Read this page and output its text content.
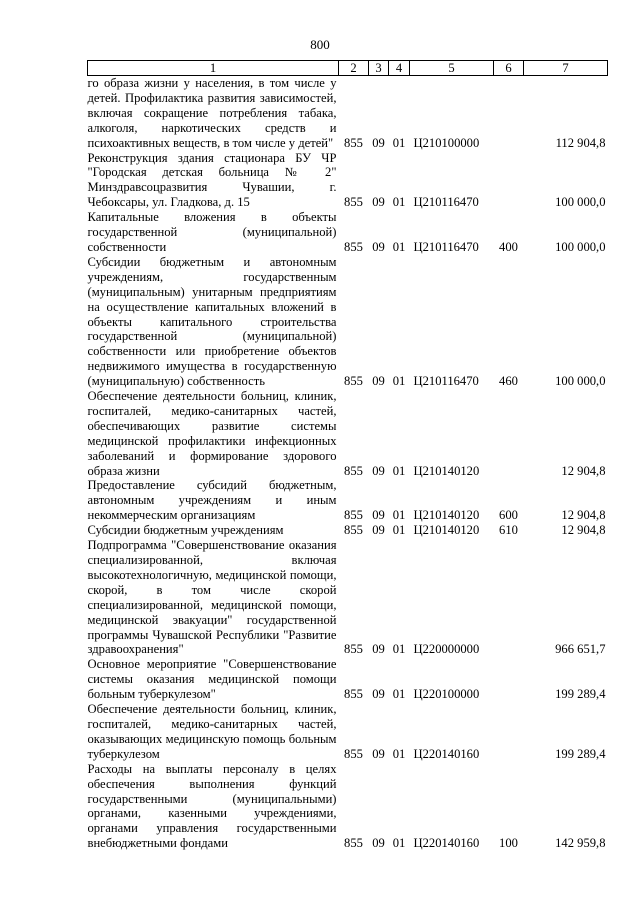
800
1	2	3	4	5	6	7
го образа жизни у населения, в том числе у детей. Профилактика развития зависимостей, включая сокращение потребления табака, алкоголя, наркотических средств и психоактивных веществ, в том числе у детей"	855	09	01	Ц210100000		112 904,8
Реконструкция здания стационара БУ ЧР "Городская детская больница № 2" Минздравсоцразвития Чувашии, г. Чебоксары, ул. Гладкова, д. 15	855	09	01	Ц210116470		100 000,0
Капитальные вложения в объекты государственной (муниципальной) собственности	855	09	01	Ц210116470	400	100 000,0
Субсидии бюджетным и автономным учреждениям, государственным (муниципальным) унитарным предприятиям на осуществление капитальных вложений в объекты капитального строительства государственной (муниципальной) собственности или приобретение объектов недвижимого имущества в государственную (муниципальную) собственность	855	09	01	Ц210116470	460	100 000,0
Обеспечение деятельности больниц, клиник, госпиталей, медико-санитарных частей, обеспечивающих развитие системы медицинской профилактики инфекционных заболеваний и формирование здорового образа жизни	855	09	01	Ц210140120		12 904,8
Предоставление субсидий бюджетным, автономным учреждениям и иным некоммерческим организациям	855	09	01	Ц210140120	600	12 904,8
Субсидии бюджетным учреждениям	855	09	01	Ц210140120	610	12 904,8
Подпрограмма "Совершенствование оказания специализированной, включая высокотехнологичную, медицинской помощи, скорой, в том числе скорой специализированной, медицинской помощи, медицинской эвакуации" государственной программы Чувашской Республики "Развитие здравоохранения"	855	09	01	Ц220000000		966 651,7
Основное мероприятие "Совершенствование системы оказания медицинской помощи больным туберкулезом"	855	09	01	Ц220100000		199 289,4
Обеспечение деятельности больниц, клиник, госпиталей, медико-санитарных частей, оказывающих медицинскую помощь больным туберкулезом	855	09	01	Ц220140160		199 289,4
Расходы на выплаты персоналу в целях обеспечения выполнения функций государственными (муниципальными) органами, казенными учреждениями, органами управления государственными внебюджетными фондами	855	09	01	Ц220140160	100	142 959,8
